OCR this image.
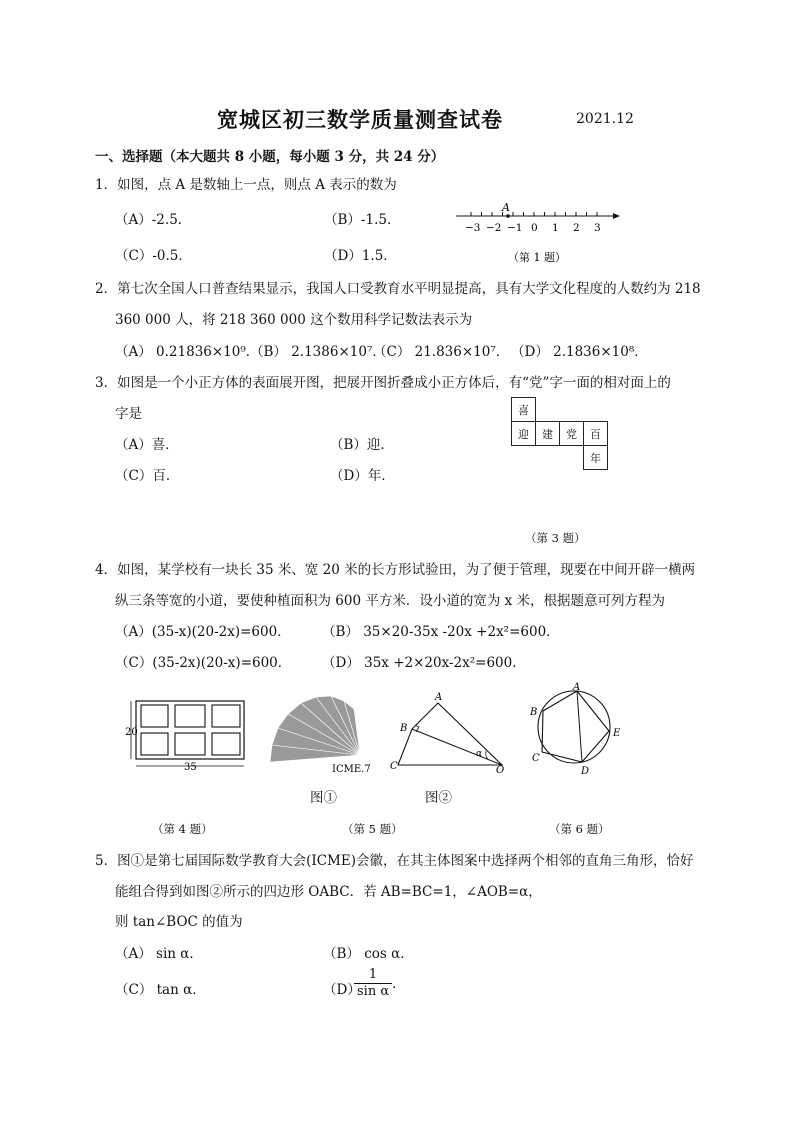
宽城区初三数学质量测查试卷	2021.12
一、选择题（本大题共 8 小题，每小题 3 分，共 24 分）
1．如图，点 A 是数轴上一点，则点 A 表示的数为
（A）-2.5．	（B）-1.5．
（C）-0.5．	（D）1.5．
A
−3 −2 −1 0 1 2 3
（第 1 题）
2．第七次全国人口普查结果显示，我国人口受教育水平明显提高，具有大学文化程度的人数约为 218
360 000 人，将 218 360 000 这个数用科学记数法表示为
（A） 0.21836×10⁹．
（B） 2.1386×10⁷．
（C） 21.836×10⁷． （D） 2.1836×10⁸．
3．如图是一个小正方体的表面展开图，把展开图折叠成小正方体后，有“党”字一面的相对面上的
字是
（A）喜．	（B）迎．
（C）百．	（D）年．
喜
迎	建	党	百
年
（第 3 题）
4．如图，某学校有一块长 35 米、宽 20 米的长方形试验田，为了便于管理，现要在中间开辟一横两
纵三条等宽的小道，要使种植面积为 600 平方米．设小道的宽为 x 米，根据题意可列方程为
（A）(35-x)(20-2x)=600． （B） 35×20-35x -20x +2x²=600．
（C）(35-2x)(20-x)=600． （D） 35x +2×20x-2x²=600．
20
35	ICME.7
图①
A
B
C	O
α
图②
A
B
C
D
E
（第 4 题）	（第 5 题）	（第 6 题）
5．图①是第七届国际数学教育大会(ICME)会徽，在其主体图案中选择两个相邻的直角三角形，恰好
能组合得到如图②所示的四边形 OABC．若 AB=BC=1，∠AOB=α，
则 tan∠BOC 的值为
（A） sin α．	（B） cos α．
（C） tan α．	（D）
$\frac{1}{\text{sin α}}$ ．
